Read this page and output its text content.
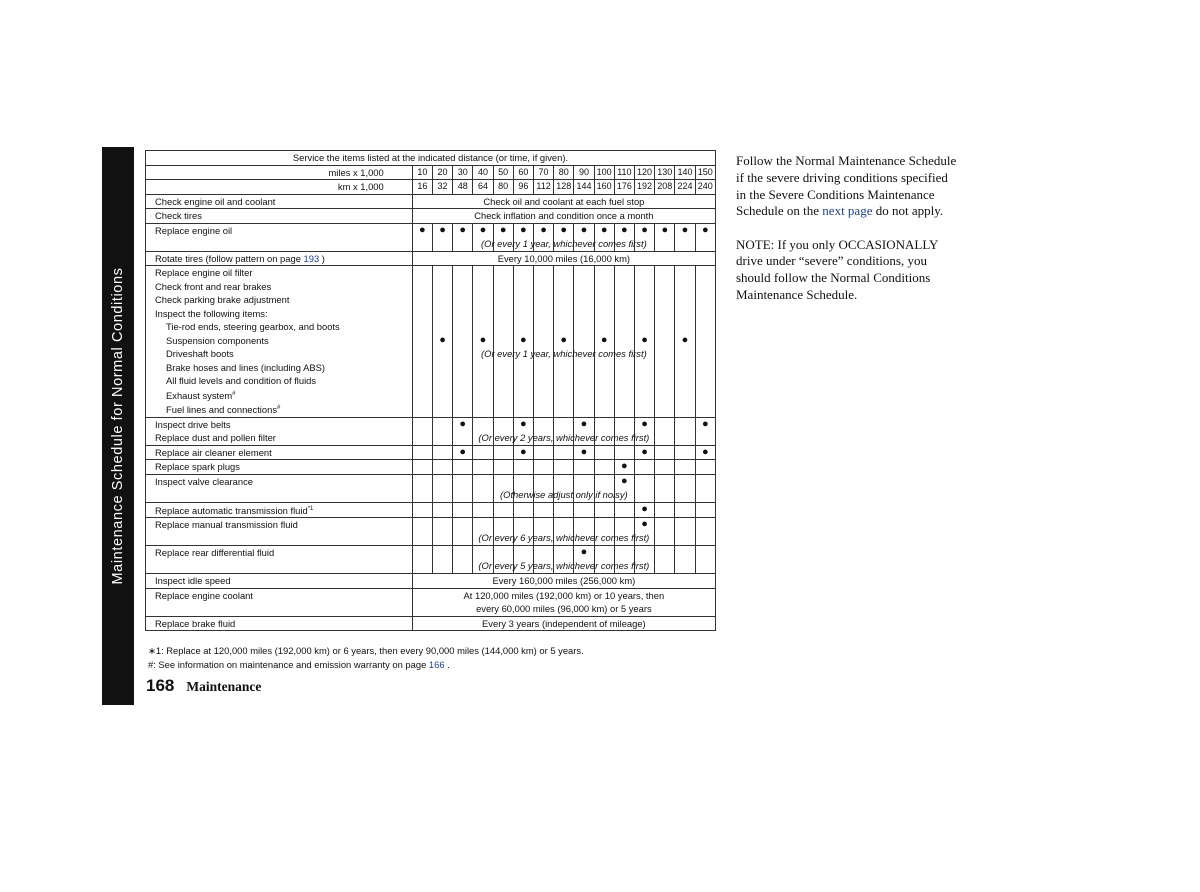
Maintenance Schedule for Normal Conditions
Service the items listed at the indicated distance (or time, if given).															
miles x 1,000	10	20	30	40	50	60	70	80	90	100	110	120	130	140	150
km x 1,000	16	32	48	64	80	96	112	128	144	160	176	192	208	224	240
Check engine oil and coolant	Check oil and coolant at each fuel stop														
Check tires	Check inflation and condition once a month														
Replace engine oil	●	●	●	●	●	●	●	●	●	●	●	●	●	●	●

Rotate tires (follow pattern on page 193 )	Every 10,000 miles (16,000 km)														
Replace engine oil filter															
Check front and rear brakes															
Check parking brake adjustment															
Inspect the following items:															
Tie-rod ends, steering gearbox, and boots															
Suspension components		●		●		●		●		●		●		●	
Driveshaft boots															
Brake hoses and lines (including ABS)															
All fluid levels and condition of fluids															
Exhaust system#															
Fuel lines and connections#															
Inspect drive belts			●			●			●			●			●
Replace dust and pollen filter															
Replace air cleaner element			●			●			●			●			●
Replace spark plugs											●				
Inspect valve clearance											●				

Replace automatic transmission fluid$^{*1}$												●			
Replace manual transmission fluid												●			

Replace rear differential fluid									●						

Inspect idle speed	Every 160,000 miles (256,000 km)														
Replace engine coolant	At 120,000 miles (192,000 km) or 10 years, then														
	every 60,000 miles (96,000 km) or 5 years														
Replace brake fluid	Every 3 years (independent of mileage)														
∗1: Replace at 120,000 miles (192,000 km) or 6 years, then every 90,000 miles (144,000 km) or 5 years.
#: See information on maintenance and emission warranty on page 166 .
168 Maintenance

Follow the Normal Maintenance Schedule if the severe driving conditions specified in the Severe Conditions Maintenance Schedule on the next page do not apply.

NOTE: If you only OCCASIONALLY drive under “severe” conditions, you should follow the Normal Conditions Maintenance Schedule.

(Or every 1 year, whichever comes first)
(Or every 1 year, whichever comes first)
(Or every 2 years, whichever comes first)
(Otherwise adjust only if noisy)
(Or every 6 years, whichever comes first)
(Or every 5 years, whichever comes first)
